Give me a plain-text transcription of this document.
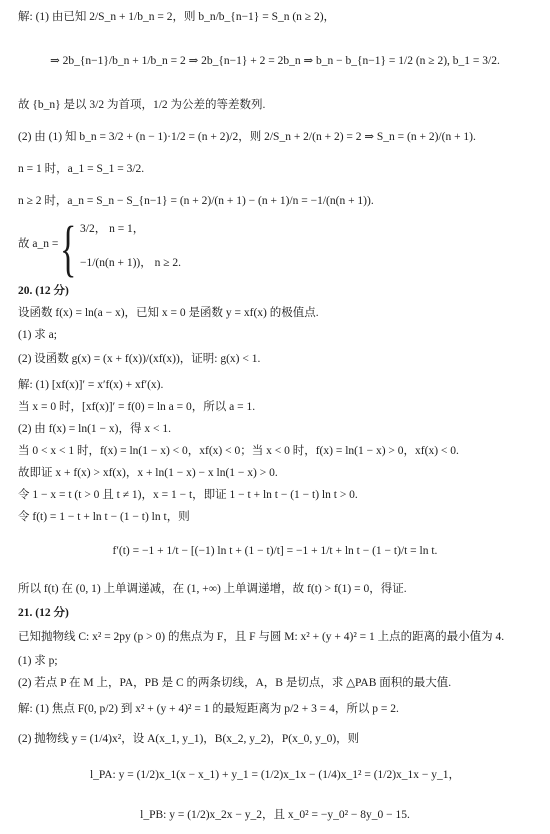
解: (1) 由已知 2/S_n + 1/b_n = 2，则 b_n/b_{n−1} = S_n (n ≥ 2)，
⇒ 2b_{n−1}/b_n + 1/b_n = 2 ⇒ 2b_{n−1} + 2 = 2b_n ⇒ b_n − b_{n−1} = 1/2 (n ≥ 2), b_1 = 3/2.
故 {b_n} 是以 3/2 为首项，1/2 为公差的等差数列.
(2) 由 (1) 知 b_n = 3/2 + (n − 1)·1/2 = (n + 2)/2，则 2/S_n + 2/(n + 2) = 2 ⇒ S_n = (n + 2)/(n + 1).
n = 1 时，a_1 = S_1 = 3/2.
n ≥ 2 时，a_n = S_n − S_{n−1} = (n + 2)/(n + 1) − (n + 1)/n = −1/(n(n + 1)).
故 a_n = { 3/2， n = 1，
−1/(n(n + 1))， n ≥ 2.
20. (12 分)
设函数 f(x) = ln(a − x)，已知 x = 0 是函数 y = xf(x) 的极值点.
(1) 求 a;
(2) 设函数 g(x) = (x + f(x))/(xf(x))，证明: g(x) < 1.
解: (1) [xf(x)]′ = x′f(x) + xf′(x).
当 x = 0 时，[xf(x)]′ = f(0) = ln a = 0，所以 a = 1.
(2) 由 f(x) = ln(1 − x)，得 x < 1.
当 0 < x < 1 时，f(x) = ln(1 − x) < 0，xf(x) < 0；当 x < 0 时，f(x) = ln(1 − x) > 0，xf(x) < 0.
故即证 x + f(x) > xf(x)，x + ln(1 − x) − x ln(1 − x) > 0.
令 1 − x = t (t > 0 且 t ≠ 1)，x = 1 − t，即证 1 − t + ln t − (1 − t) ln t > 0.
令 f(t) = 1 − t + ln t − (1 − t) ln t，则
f′(t) = −1 + 1/t − [(−1) ln t + (1 − t)/t] = −1 + 1/t + ln t − (1 − t)/t = ln t.
所以 f(t) 在 (0, 1) 上单调递减，在 (1, +∞) 上单调递增，故 f(t) > f(1) = 0，得证.
21. (12 分)
已知抛物线 C: x² = 2py (p > 0) 的焦点为 F，且 F 与圆 M: x² + (y + 4)² = 1 上点的距离的最小值为 4.
(1) 求 p;
(2) 若点 P 在 M 上，PA，PB 是 C 的两条切线，A，B 是切点，求 △PAB 面积的最大值.
解: (1) 焦点 F(0, p/2) 到 x² + (y + 4)² = 1 的最短距离为 p/2 + 3 = 4，所以 p = 2.
(2) 抛物线 y = (1/4)x²，设 A(x_1, y_1)，B(x_2, y_2)，P(x_0, y_0)，则
l_PA: y = (1/2)x_1(x − x_1) + y_1 = (1/2)x_1x − (1/4)x_1² = (1/2)x_1x − y_1，
l_PB: y = (1/2)x_2x − y_2，且 x_0² = −y_0² − 8y_0 − 15.
